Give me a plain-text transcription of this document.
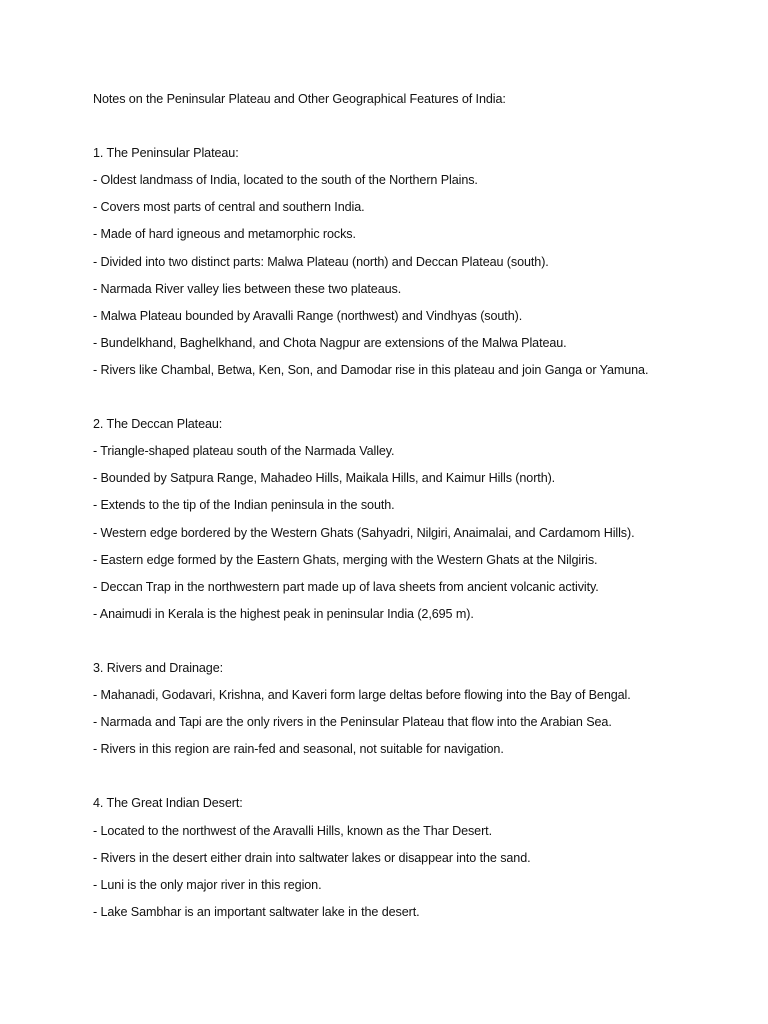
Notes on the Peninsular Plateau and Other Geographical Features of India:
1. The Peninsular Plateau:
- Oldest landmass of India, located to the south of the Northern Plains.
- Covers most parts of central and southern India.
- Made of hard igneous and metamorphic rocks.
- Divided into two distinct parts: Malwa Plateau (north) and Deccan Plateau (south).
- Narmada River valley lies between these two plateaus.
- Malwa Plateau bounded by Aravalli Range (northwest) and Vindhyas (south).
- Bundelkhand, Baghelkhand, and Chota Nagpur are extensions of the Malwa Plateau.
- Rivers like Chambal, Betwa, Ken, Son, and Damodar rise in this plateau and join Ganga or Yamuna.
2. The Deccan Plateau:
- Triangle-shaped plateau south of the Narmada Valley.
- Bounded by Satpura Range, Mahadeo Hills, Maikala Hills, and Kaimur Hills (north).
- Extends to the tip of the Indian peninsula in the south.
- Western edge bordered by the Western Ghats (Sahyadri, Nilgiri, Anaimalai, and Cardamom Hills).
- Eastern edge formed by the Eastern Ghats, merging with the Western Ghats at the Nilgiris.
- Deccan Trap in the northwestern part made up of lava sheets from ancient volcanic activity.
- Anaimudi in Kerala is the highest peak in peninsular India (2,695 m).
3. Rivers and Drainage:
- Mahanadi, Godavari, Krishna, and Kaveri form large deltas before flowing into the Bay of Bengal.
- Narmada and Tapi are the only rivers in the Peninsular Plateau that flow into the Arabian Sea.
- Rivers in this region are rain-fed and seasonal, not suitable for navigation.
4. The Great Indian Desert:
- Located to the northwest of the Aravalli Hills, known as the Thar Desert.
- Rivers in the desert either drain into saltwater lakes or disappear into the sand.
- Luni is the only major river in this region.
- Lake Sambhar is an important saltwater lake in the desert.
